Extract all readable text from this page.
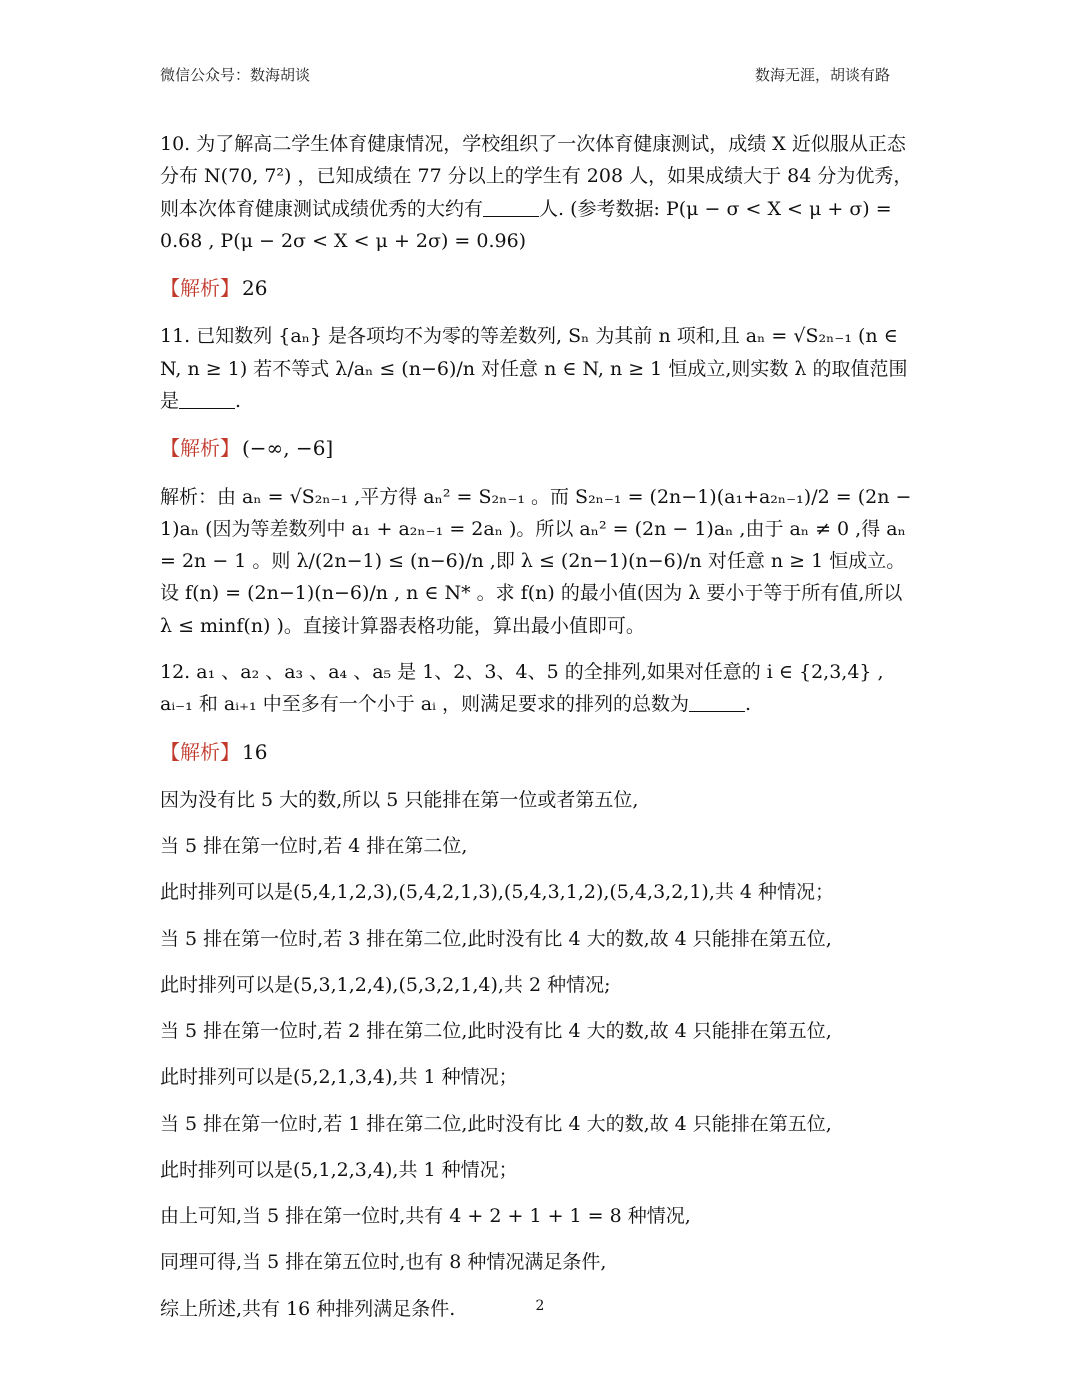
微信公众号：数海胡谈	数海无涯，胡谈有路

10. 为了解高二学生体育健康情况，学校组织了一次体育健康测试，成绩 X 近似服从正态分布 N(70, 7²) ，已知成绩在 77 分以上的学生有 208 人，如果成绩大于 84 分为优秀，则本次体育健康测试成绩优秀的大约有	人. (参考数据: P(μ − σ < X < μ + σ) = 0.68 , P(μ − 2σ < X < μ + 2σ) = 0.96)

【解析】 26

11. 已知数列 {aₙ} 是各项均不为零的等差数列, Sₙ 为其前 n 项和,且 aₙ = √S₂ₙ₋₁ (n ∈ N, n ≥ 1) 若不等式 λ/aₙ ≤ (n−6)/n 对任意 n ∈ N, n ≥ 1 恒成立,则实数 λ 的取值范围是	.

【解析】 (−∞, −6]

解析：由 aₙ = √S₂ₙ₋₁ ,平方得 aₙ² = S₂ₙ₋₁ 。而 S₂ₙ₋₁ = (2n−1)(a₁+a₂ₙ₋₁)/2 = (2n − 1)aₙ (因为等差数列中 a₁ + a₂ₙ₋₁ = 2aₙ )。所以 aₙ² = (2n − 1)aₙ ,由于 aₙ ≠ 0 ,得 aₙ = 2n − 1 。则 λ/(2n−1) ≤ (n−6)/n ,即 λ ≤ (2n−1)(n−6)/n 对任意 n ≥ 1 恒成立。设 f(n) = (2n−1)(n−6)/n , n ∈ N* 。求 f(n) 的最小值(因为 λ 要小于等于所有值,所以 λ ≤ minf(n) )。直接计算器表格功能，算出最小值即可。

12. a₁ 、a₂ 、a₃ 、a₄ 、a₅ 是 1、2、3、4、5 的全排列,如果对任意的 i ∈ {2,3,4} , aᵢ₋₁ 和 aᵢ₊₁ 中至多有一个小于 aᵢ ，则满足要求的排列的总数为	.

【解析】 16

因为没有比 5 大的数,所以 5 只能排在第一位或者第五位,

当 5 排在第一位时,若 4 排在第二位,

此时排列可以是(5,4,1,2,3),(5,4,2,1,3),(5,4,3,1,2),(5,4,3,2,1),共 4 种情况；

当 5 排在第一位时,若 3 排在第二位,此时没有比 4 大的数,故 4 只能排在第五位,

此时排列可以是(5,3,1,2,4),(5,3,2,1,4),共 2 种情况;

当 5 排在第一位时,若 2 排在第二位,此时没有比 4 大的数,故 4 只能排在第五位,

此时排列可以是(5,2,1,3,4),共 1 种情况；

当 5 排在第一位时,若 1 排在第二位,此时没有比 4 大的数,故 4 只能排在第五位,

此时排列可以是(5,1,2,3,4),共 1 种情况；

由上可知,当 5 排在第一位时,共有 4 + 2 + 1 + 1 = 8 种情况,

同理可得,当 5 排在第五位时,也有 8 种情况满足条件,

综上所述,共有 16 种排列满足条件.	2
